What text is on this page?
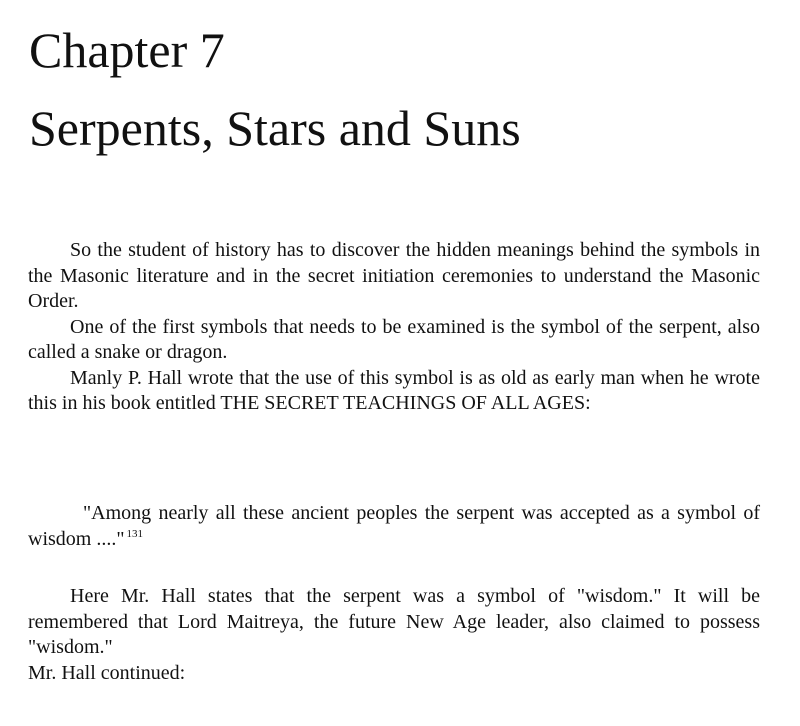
Chapter 7
Serpents, Stars and Suns

So the student of history has to discover the hidden meanings behind the symbols in the Masonic literature and in the secret initiation ceremonies to understand the Masonic Order.

One of the first symbols that needs to be examined is the symbol of the serpent, also called a snake or dragon.

Manly P. Hall wrote that the use of this symbol is as old as early man when he wrote this in his book entitled THE SECRET TEACHINGS OF ALL AGES:

"Among nearly all these ancient peoples the serpent was accepted as a symbol of wisdom ...." $^{131}$

Here Mr. Hall states that the serpent was a symbol of "wisdom." It will be remembered that Lord Maitreya, the future New Age leader, also claimed to possess "wisdom."

Mr. Hall continued:
